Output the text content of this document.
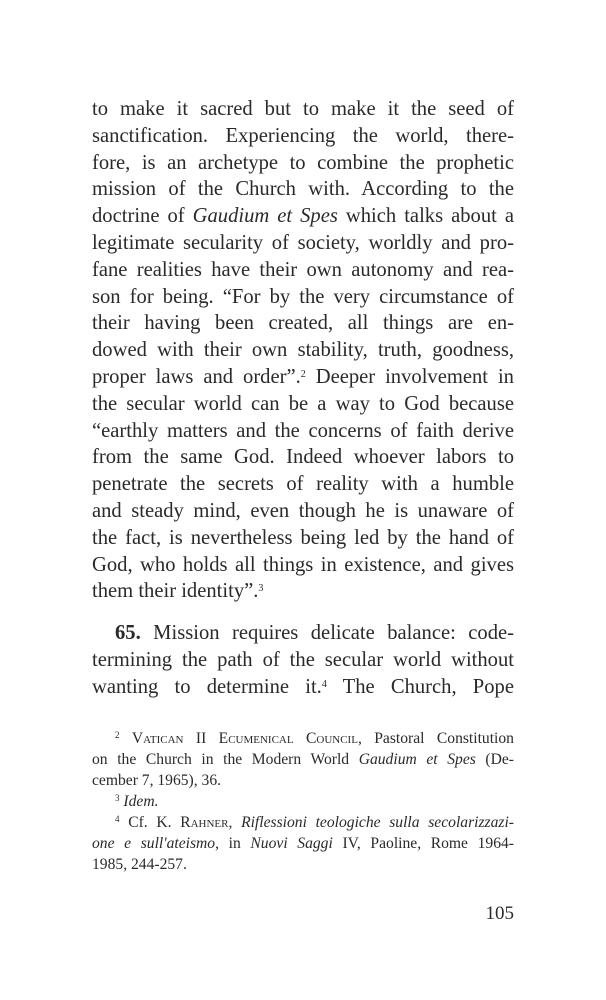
to make it sacred but to make it the seed of
sanctification. Experiencing the world, there-
fore, is an archetype to combine the prophetic
mission of the Church with. According to the
doctrine of Gaudium et Spes which talks about a
legitimate secularity of society, worldly and pro-
fane realities have their own autonomy and rea-
son for being. “For by the very circumstance of
their having been created, all things are en-
dowed with their own stability, truth, goodness,
proper laws and order”.$^2$ Deeper involvement in
the secular world can be a way to God because
“earthly matters and the concerns of faith derive
from the same God. Indeed whoever labors to
penetrate the secrets of reality with a humble
and steady mind, even though he is unaware of
the fact, is nevertheless being led by the hand of
God, who holds all things in existence, and gives
them their identity”.$^3$
65. Mission requires delicate balance: code-
termining the path of the secular world without
wanting to determine it.$^4$ The Church, Pope
$^2$ Vatican II Ecumenical Council, Pastoral Constitution
on the Church in the Modern World Gaudium et Spes (De-
cember 7, 1965), 36.
$^3$ Idem.
$^4$ Cf. K. Rahner, Riflessioni teologiche sulla secolarizzazi-
one e sull'ateismo, in Nuovi Saggi IV, Paoline, Rome 1964-
1985, 244-257.
105
